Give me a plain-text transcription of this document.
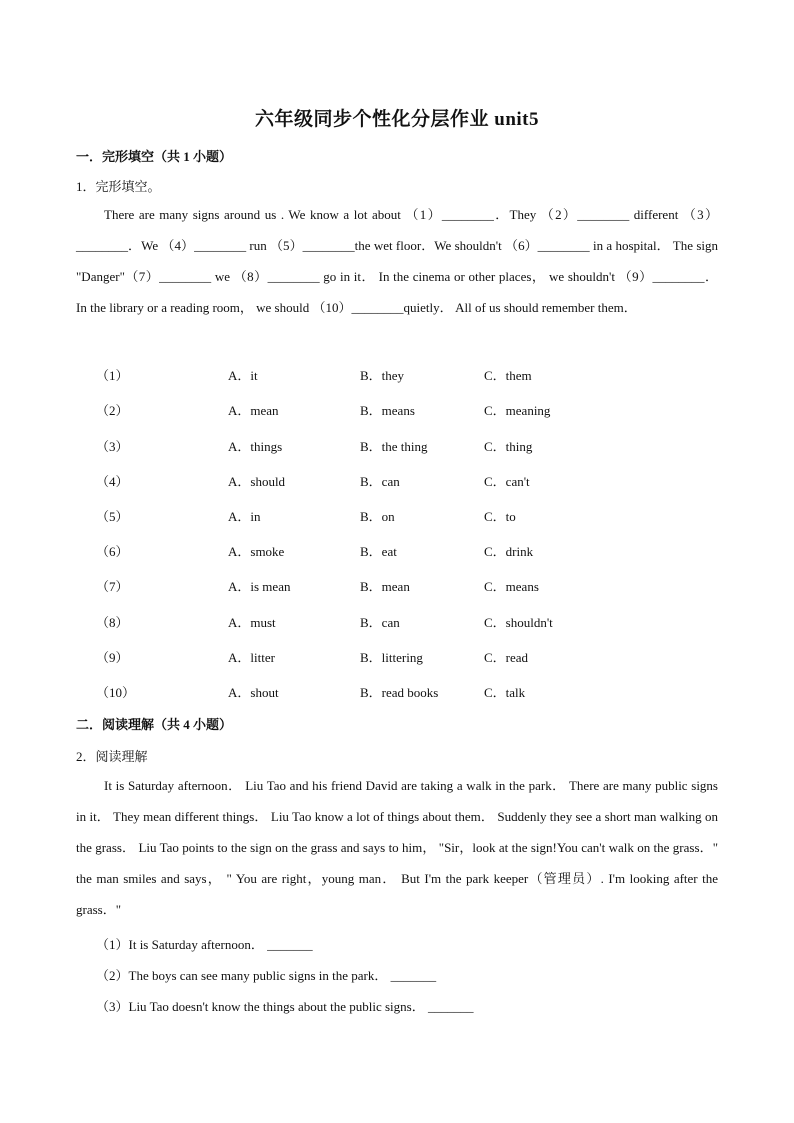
六年级同步个性化分层作业 unit5
一．完形填空（共 1 小题）
1．完形填空。
There are many signs around us . We know a lot about （1）________．They （2）________ different （3）________．We （4）________ run （5）________the wet floor．We shouldn't （6）________ in a hospital． The sign "Danger"（7）________ we （8）________ go in it． In the cinema or other places， we shouldn't （9）________． In the library or a reading room， we should （10）________quietly． All of us should remember them．
（1）	A．it	B．they	C．them
（2）	A．mean	B．means	C．meaning
（3）	A．things	B．the thing	C．thing
（4）	A．should	B．can	C．can't
（5）	A．in	B．on	C．to
（6）	A．smoke	B．eat	C．drink
（7）	A．is mean	B．mean	C．means
（8）	A．must	B．can	C．shouldn't
（9）	A．litter	B．littering	C．read
（10）	A．shout	B．read books	C．talk
二．阅读理解（共 4 小题）
2．阅读理解
It is Saturday afternoon． Liu Tao and his friend David are taking a walk in the park． There are many public signs in it． They mean different things． Liu Tao know a lot of things about them． Suddenly they see a short man walking on the grass． Liu Tao points to the sign on the grass and says to him， "Sir，look at the sign!You can't walk on the grass．" the man smiles and says， " You are right，young man． But I'm the park keeper（管理员）. I'm looking after the grass．"
（1）It is Saturday afternoon． _______
（2）The boys can see many public signs in the park． _______
（3）Liu Tao doesn't know the things about the public signs． _______
